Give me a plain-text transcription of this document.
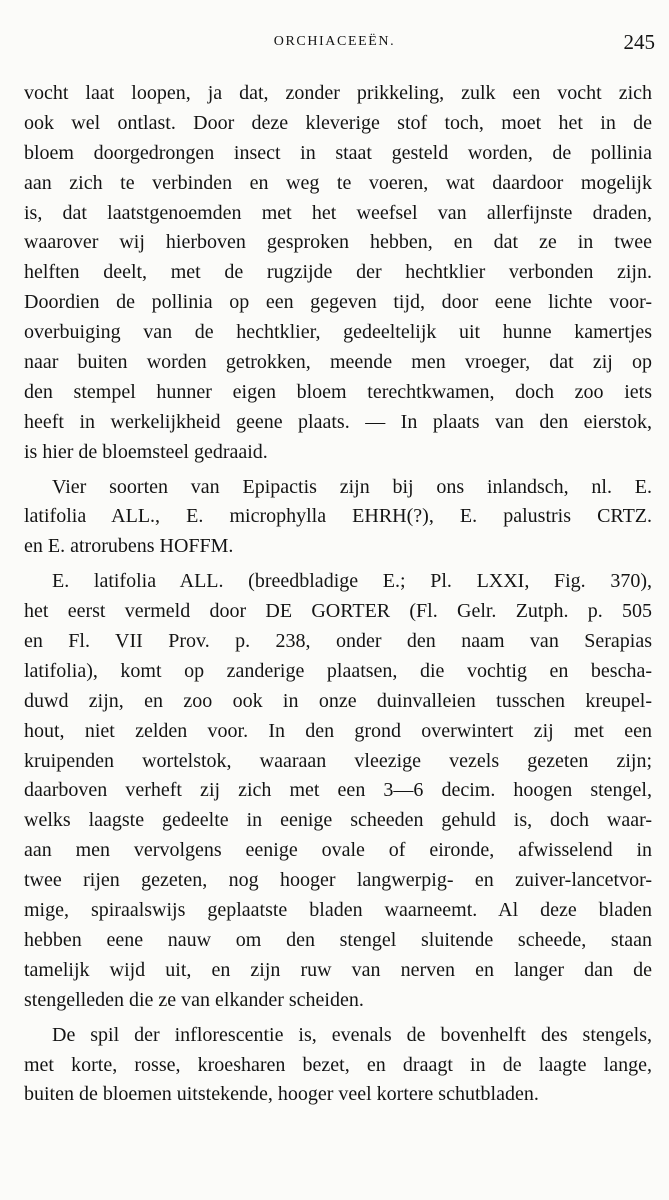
ORCHIACEEËN.	245
vocht laat loopen, ja dat, zonder prikkeling, zulk een vocht zich
ook wel ontlast. Door deze kleverige stof toch, moet het in de
bloem doorgedrongen insect in staat gesteld worden, de pollinia
aan zich te verbinden en weg te voeren, wat daardoor mogelijk
is, dat laatstgenoemden met het weefsel van allerfijnste draden,
waarover wij hierboven gesproken hebben, en dat ze in twee
helften deelt, met de rugzijde der hechtklier verbonden zijn.
Doordien de pollinia op een gegeven tijd, door eene lichte voor-
overbuiging van de hechtklier, gedeeltelijk uit hunne kamertjes
naar buiten worden getrokken, meende men vroeger, dat zij op
den stempel hunner eigen bloem terechtkwamen, doch zoo iets
heeft in werkelijkheid geene plaats. — In plaats van den eierstok,
is hier de bloemsteel gedraaid.
Vier soorten van Epipactis zijn bij ons inlandsch, nl. E.
latifolia ALL., E. microphylla EHRH(?), E. palustris CRTZ.
en E. atrorubens HOFFM.
E. latifolia ALL. (breedbladige E.; Pl. LXXI, Fig. 370),
het eerst vermeld door DE GORTER (Fl. Gelr. Zutph. p. 505
en Fl. VII Prov. p. 238, onder den naam van Serapias
latifolia), komt op zanderige plaatsen, die vochtig en bescha-
duwd zijn, en zoo ook in onze duinvalleien tusschen kreupel-
hout, niet zelden voor. In den grond overwintert zij met een
kruipenden wortelstok, waaraan vleezige vezels gezeten zijn;
daarboven verheft zij zich met een 3—6 decim. hoogen stengel,
welks laagste gedeelte in eenige scheeden gehuld is, doch waar-
aan men vervolgens eenige ovale of eironde, afwisselend in
twee rijen gezeten, nog hooger langwerpig- en zuiver-lancetvor-
mige, spiraalswijs geplaatste bladen waarneemt. Al deze bladen
hebben eene nauw om den stengel sluitende scheede, staan
tamelijk wijd uit, en zijn ruw van nerven en langer dan de
stengelleden die ze van elkander scheiden.
De spil der inflorescentie is, evenals de bovenhelft des stengels,
met korte, rosse, kroesharen bezet, en draagt in de laagte lange,
buiten de bloemen uitstekende, hooger veel kortere schutbladen.
